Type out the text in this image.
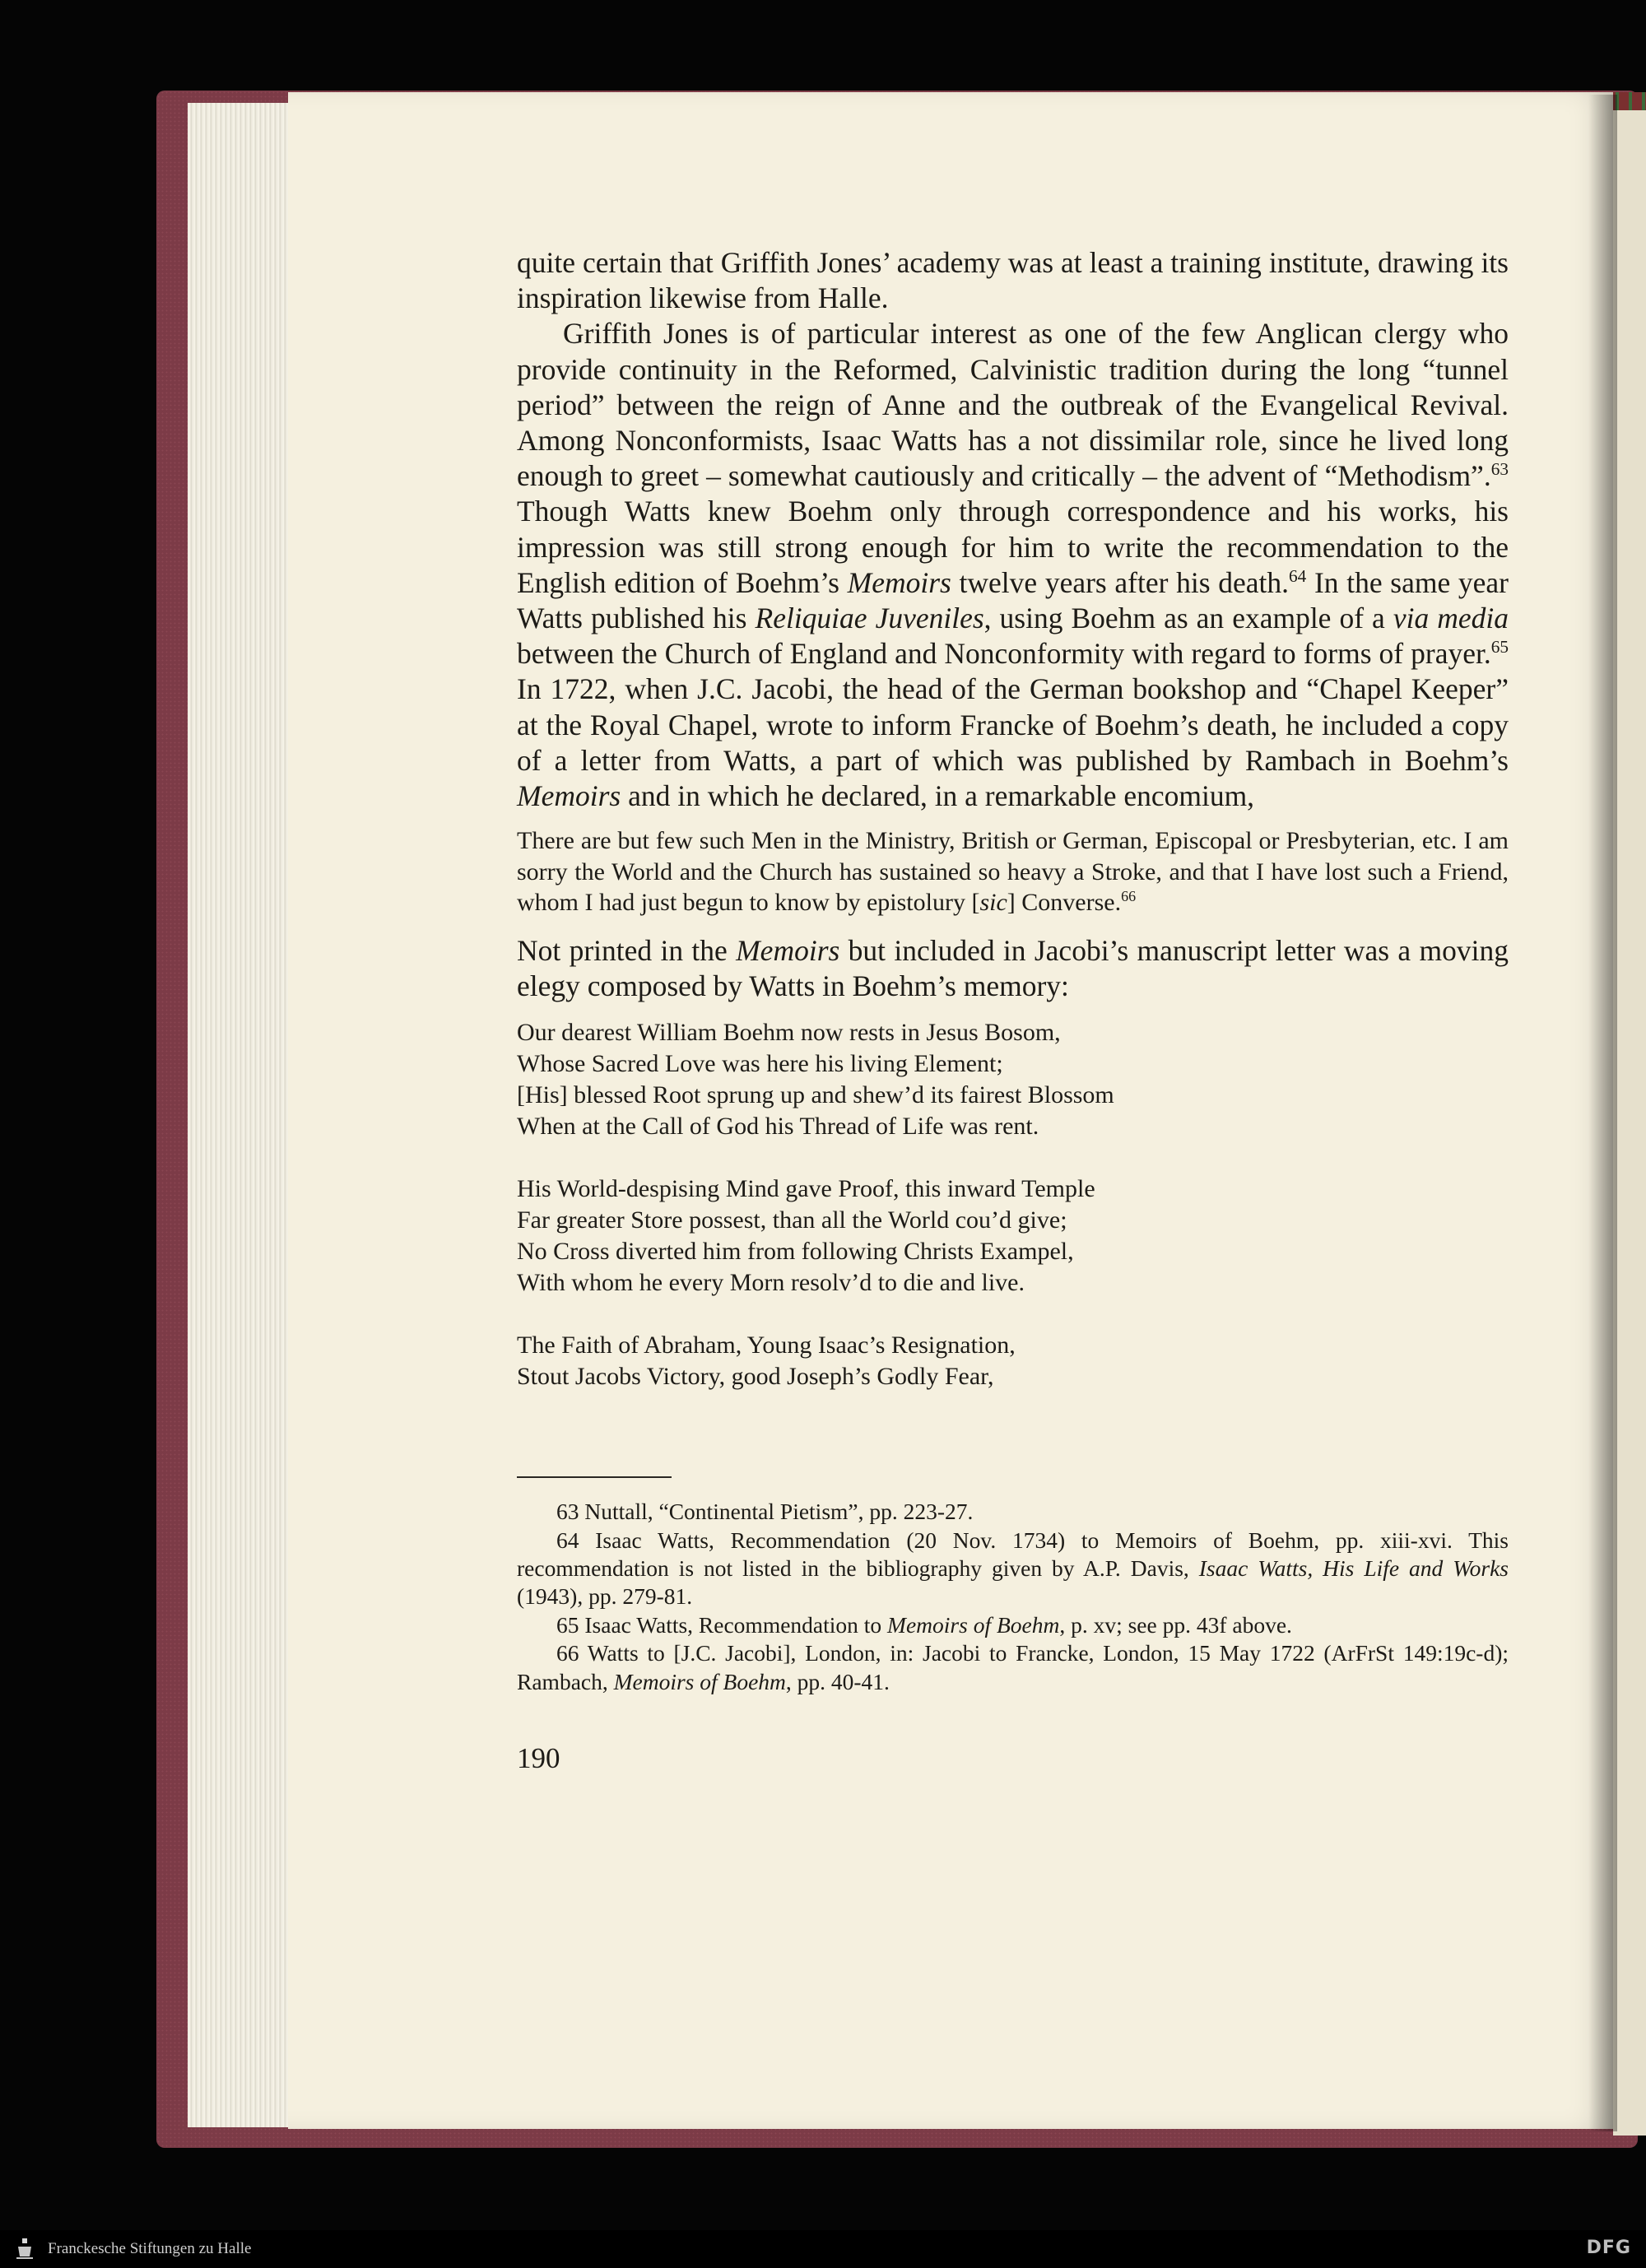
quite certain that Griffith Jones’ academy was at least a training institute, drawing its inspiration likewise from Halle.

Griffith Jones is of particular interest as one of the few Anglican clergy who provide continuity in the Reformed, Calvinistic tradition during the long “tunnel period” between the reign of Anne and the outbreak of the Evangelical Revival. Among Nonconformists, Isaac Watts has a not dissimilar role, since he lived long enough to greet – somewhat cautiously and critically – the advent of “Methodism”.$^{63}$ Though Watts knew Boehm only through correspondence and his works, his impression was still strong enough for him to write the recommendation to the English edition of Boehm’s Memoirs twelve years after his death.$^{64}$ In the same year Watts published his Reliquiae Juveniles, using Boehm as an example of a via media between the Church of England and Nonconformity with regard to forms of prayer.$^{65}$ In 1722, when J.C. Jacobi, the head of the German bookshop and “Chapel Keeper” at the Royal Chapel, wrote to inform Francke of Boehm’s death, he included a copy of a letter from Watts, a part of which was published by Rambach in Boehm’s Memoirs and in which he declared, in a remarkable encomium,

There are but few such Men in the Ministry, British or German, Episcopal or Presbyterian, etc. I am sorry the World and the Church has sustained so heavy a Stroke, and that I have lost such a Friend, whom I had just begun to know by epistolury [sic] Converse.$^{66}$

Not printed in the Memoirs but included in Jacobi’s manuscript letter was a moving elegy composed by Watts in Boehm’s memory:

Our dearest William Boehm now rests in Jesus Bosom,
Whose Sacred Love was here his living Element;
[His] blessed Root sprung up and shew’d its fairest Blossom
When at the Call of God his Thread of Life was rent.
His World-despising Mind gave Proof, this inward Temple
Far greater Store possest, than all the World cou’d give;
No Cross diverted him from following Christs Exampel,
With whom he every Morn resolv’d to die and live.
The Faith of Abraham, Young Isaac’s Resignation,
Stout Jacobs Victory, good Joseph’s Godly Fear,

63 Nuttall, “Continental Pietism”, pp. 223-27.

64 Isaac Watts, Recommendation (20 Nov. 1734) to Memoirs of Boehm, pp. xiii-xvi. This recommendation is not listed in the bibliography given by A.P. Davis, Isaac Watts, His Life and Works (1943), pp. 279-81.

65 Isaac Watts, Recommendation to Memoirs of Boehm, p. xv; see pp. 43f above.

66 Watts to [J.C. Jacobi], London, in: Jacobi to Francke, London, 15 May 1722 (ArFrSt 149:19c-d); Rambach, Memoirs of Boehm, pp. 40-41.

190
Franckesche Stiftungen zu Halle	DFG
